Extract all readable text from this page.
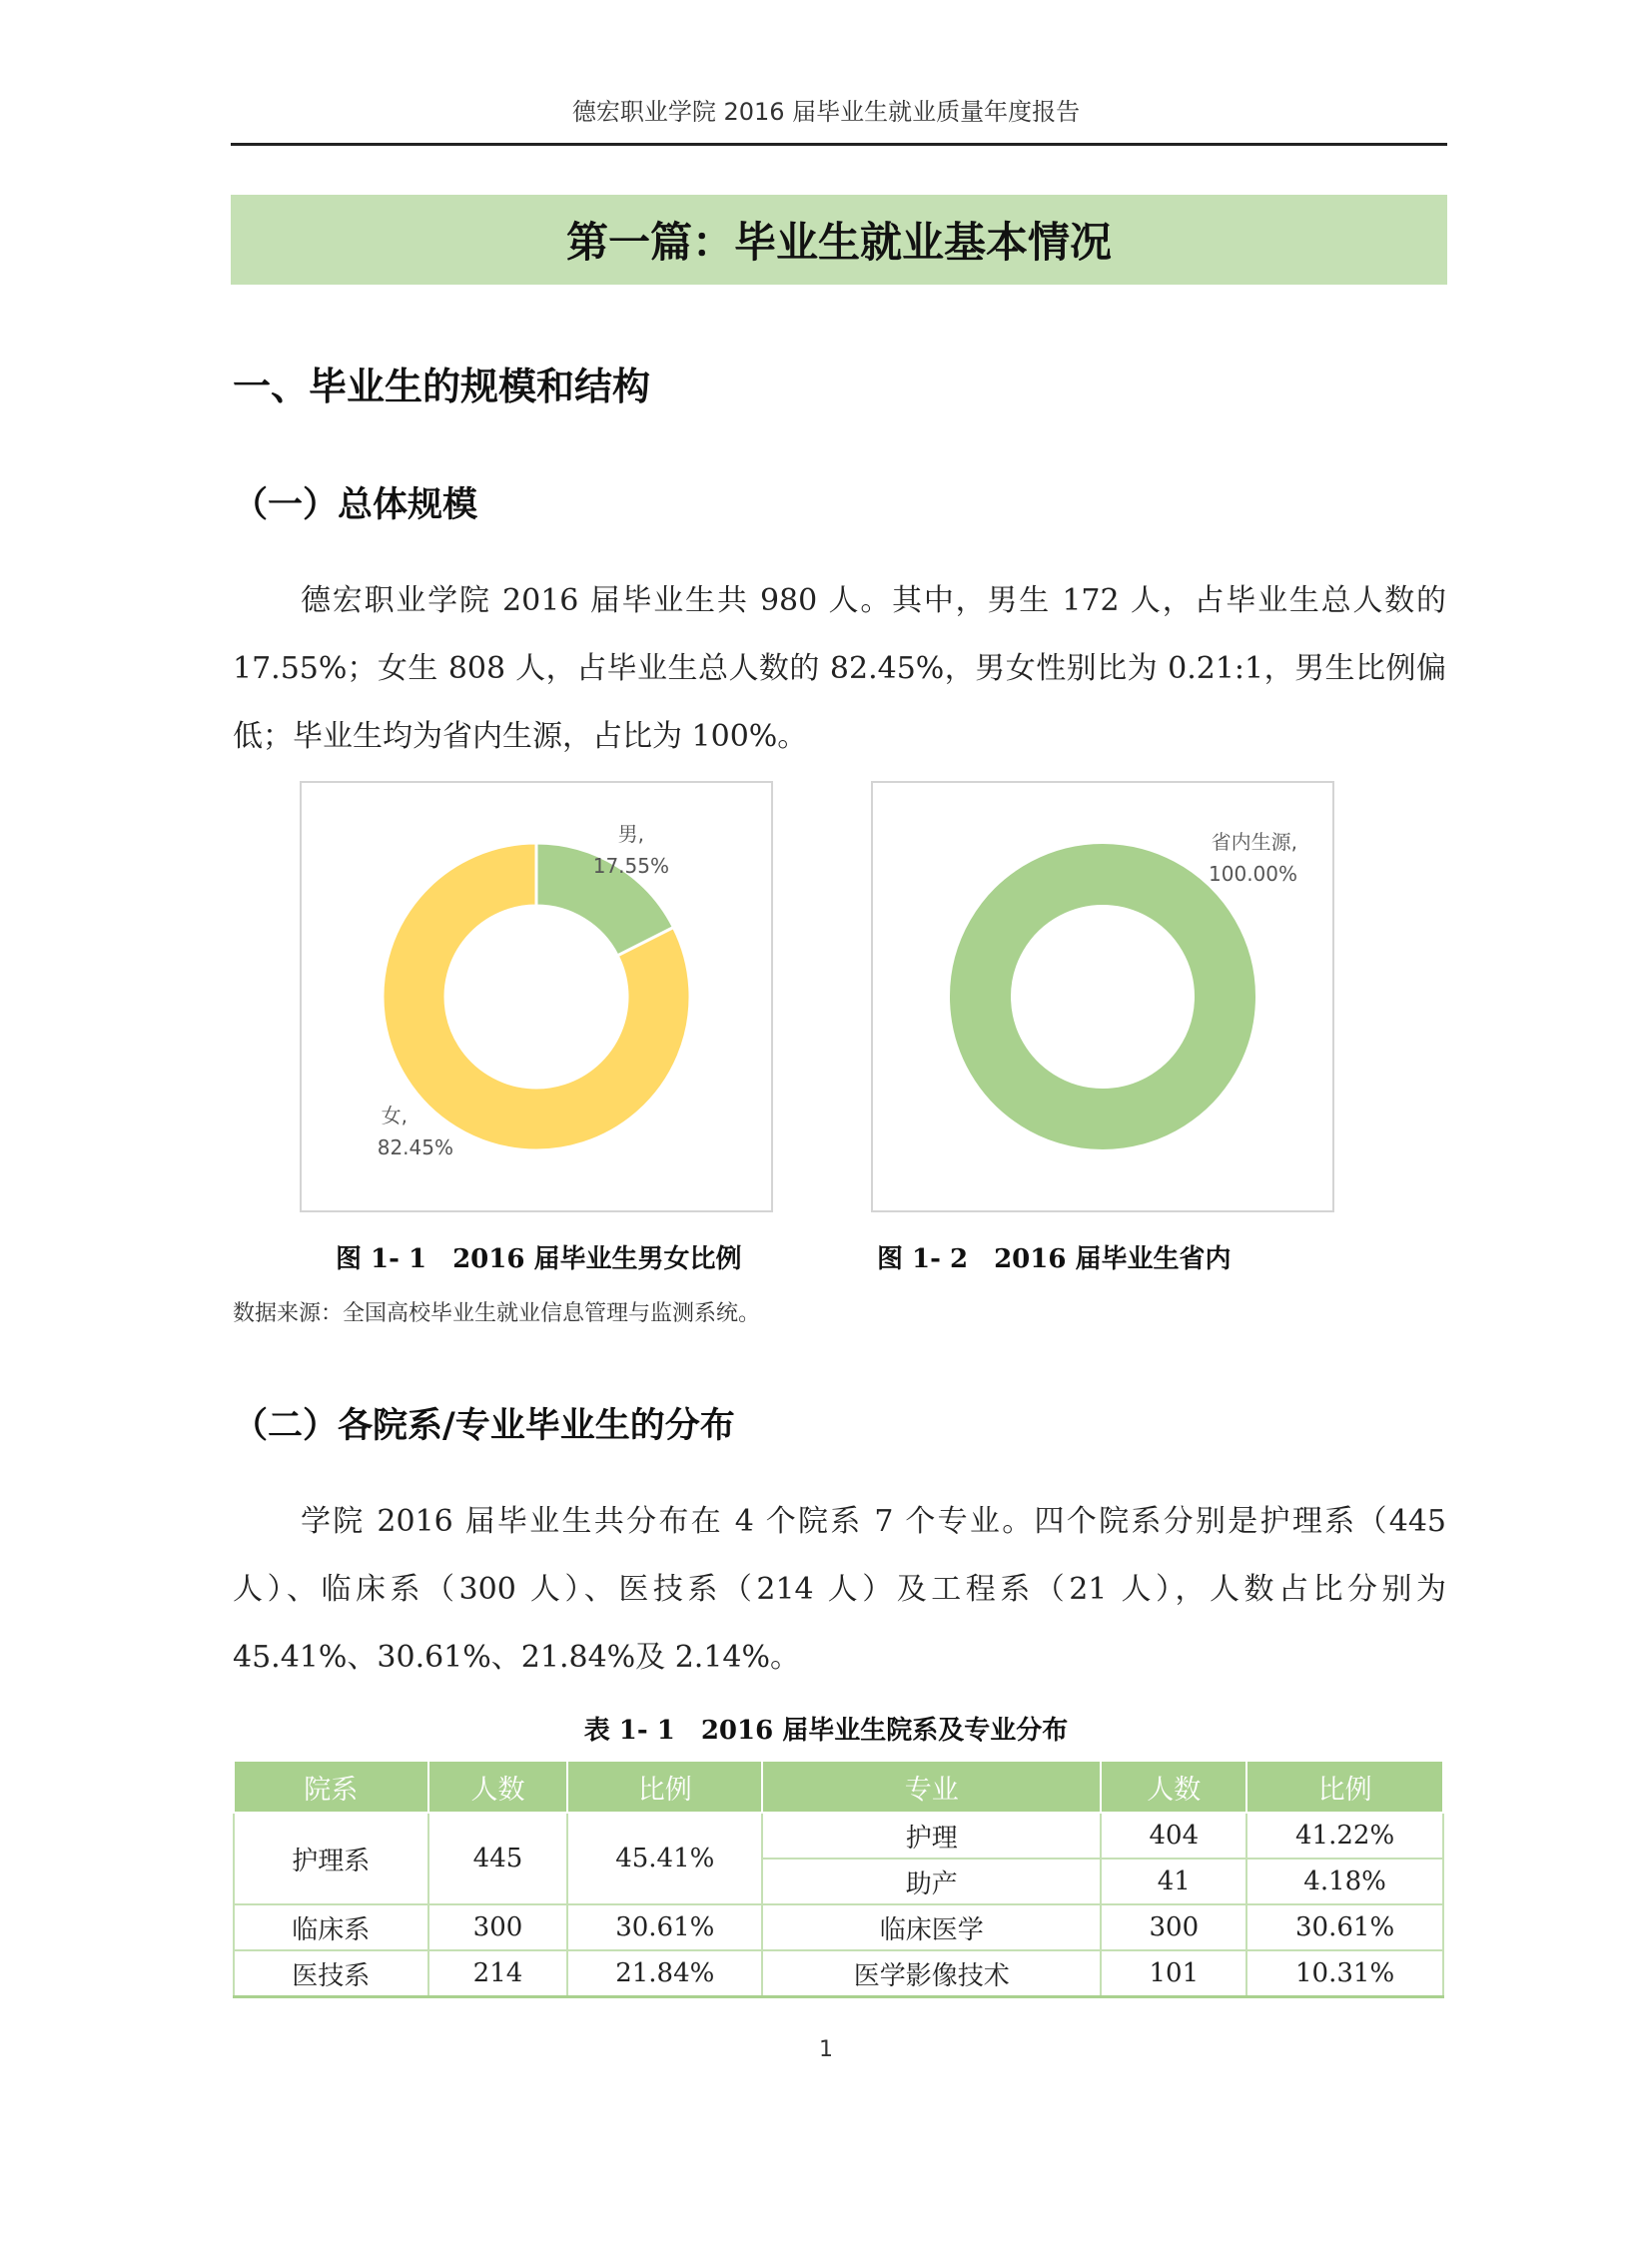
德宏职业学院 2016 届毕业生就业质量年度报告
第一篇：毕业生就业基本情况
一、毕业生的规模和结构
（一）总体规模
德宏职业学院 2016 届毕业生共 980 人。其中，男生 172 人，占毕业生总人数的 17.55%；女生 808 人，占毕业生总人数的 82.45%，男女性别比为 0.21:1，男生比例偏低；毕业生均为省内生源，占比为 100%。
男,
17.55%
女,
82.45%
省内生源,
100.00%
图 1- 1 2016 届毕业生男女比例	图 1- 2 2016 届毕业生省内
数据来源：全国高校毕业生就业信息管理与监测系统。
（二）各院系/专业毕业生的分布
学院 2016 届毕业生共分布在 4 个院系 7 个专业。四个院系分别是护理系（445 人）、临床系（300 人）、医技系（214 人）及工程系（21 人），人数占比分别为 45.41%、30.61%、21.84%及 2.14%。
表 1- 1　2016 届毕业生院系及专业分布
院系	人数	比例	专业	人数	比例
护理系	445	45.41%	护理	404	41.22%
			助产	41	4.18%
临床系	300	30.61%	临床医学	300	30.61%
医技系	214	21.84%	医学影像技术	101	10.31%
1
